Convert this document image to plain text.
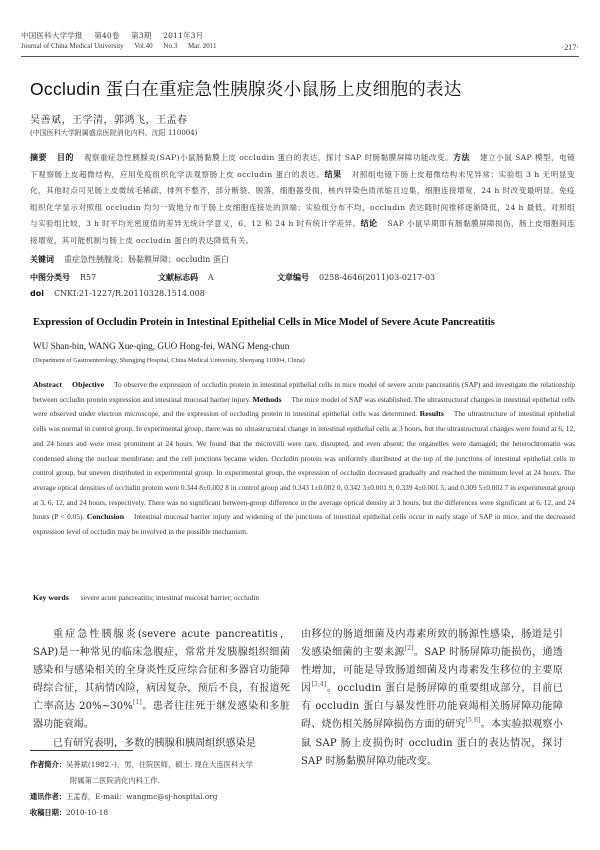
中国医科大学学报 第40卷 第3期 2011年3月
Journal of China Medical University Vol.40 No.3 Mar. 2011	·217·
Occludin 蛋白在重症急性胰腺炎小鼠肠上皮细胞的表达
吴善斌，王学清，郭鸿飞，王孟春
(中国医科大学附属盛京医院消化内科，沈阳 110004)
摘要 目的 观察重症急性胰腺炎(SAP)小鼠肠黏膜上皮 occludin 蛋白的表达，探讨 SAP 时肠黏膜屏障功能改变。方法 建立小鼠 SAP 模型，电镜下观察肠上皮超微结构，应用免疫组织化学法观察肠上皮 occludin 蛋白的表达。结果 对照组电镜下肠上皮超微结构未见异常；实验组 3 h 无明显变化，其他时点可见肠上皮微绒毛稀疏、排列不整齐，部分断裂、脱落，细胞器受损，核内异染色质浓缩且边集，细胞连接增宽，24 h 时改变最明显。免疫组织化学显示对照组 occludin 均匀一致地分布于肠上皮细胞连接处的顶端；实验组分布不均，occludin 表达随时间推移逐渐降低，24 h 最低。对照组与实验组比较，3 h 时平均光密度值的差异无统计学意义，6、12 和 24 h 时有统计学差异。结论 SAP 小鼠早期即有肠黏膜屏障损伤，肠上皮细胞间连接增宽，其可能机制与肠上皮 occludin 蛋白的表达降低有关。
关键词 重症急性胰腺炎；肠黏膜屏障；occludin 蛋白
中图分类号 R57	文献标志码 A	文章编号 0258-4646(2011)03-0217-03
doi CNKI:21-1227/R.20110328.1514.008
Expression of Occludin Protein in Intestinal Epithelial Cells in Mice Model of Severe Acute Pancreatitis
WU Shan-bin, WANG Xue-qing, GUO Hong-fei, WANG Meng-chun
(Department of Gastroenterology, Shengjing Hospital, China Medical University, Shenyang 110004, China)
Abstract Objective To observe the expression of occludin protein in intestinal epithelial cells in mice model of severe acute pancreatitis (SAP) and investigate the relationship between occludin protein expression and intestinal mucosal barrier injury. Methods The mice model of SAP was established. The ultrastructural changes in intestinal epithelial cells were observed under electron microscope, and the expression of occluding protein in intestinal epithelial cells was determined. Results The ultrastructure of intestinal epithelial cells was normal in control group. In experimental group, there was no ultrastructural change in intestinal epithelial cells at 3 hours, but the ultrastructural changes were found at 6, 12, and 24 hours and were most prominent at 24 hours. We found that the microvilli were rare, disrupted, and even absent; the organelles were damaged; the heterochromatin was condensed along the nuclear membrane; and the cell junctions became widen. Occludin protein was uniformly distributed at the top of the junctions of intestinal epithelial cells in control group, but uneven distributed in experimental group. In experimental group, the expression of occludin decreased gradually and reached the minimum level at 24 hours. The average optical densities of occludin protein were 0.344 8±0.002 8 in control group and 0.343 1±0.002 0, 0.342 3±0.001 9, 0.339 4±0.001 5, and 0.309 5±0.002 7 in experimental group at 3, 6, 12, and 24 hours, respectively. There was no significant between-group difference in the average optical density at 3 hours, but the differences were significant at 6, 12, and 24 hours (P < 0.05). Conclusion Intestinal mucosal barrier injury and widening of the junctions of intestinal epithelial cells occur in early stage of SAP in mice, and the decreased expression level of occludin may be involved in the possible mechanism.
Key words severe acute pancreatitis; intestinal mucosal barrier; occludin

重症急性胰腺炎(severe acute pancreatitis，SAP)是一种常见的临床急腹症，常常并发胰腺组织细菌感染和与感染相关的全身炎性反应综合征和多器官功能障碍综合征，其病情凶险，病因复杂，预后不良，有报道死亡率高达 20%~30%[1]。患者往往死于继发感染和多脏器功能衰竭。

已有研究表明，多数的胰腺和胰周组织感染是

由移位的肠道细菌及内毒素所致的肠源性感染，肠道是引发感染细菌的主要来源[2]。SAP 时肠屏障功能损伤，通透性增加，可能是导致肠道细菌及内毒素发生移位的主要原因[3,4]。occludin 蛋白是肠屏障的重要组成部分，目前已有 occludin 蛋白与暴发性肝功能衰竭相关肠屏障功能障碍、烧伤相关肠屏障损伤方面的研究[5,6]。本实验拟观察小鼠 SAP 肠上皮损伤时 occludin 蛋白的表达情况，探讨 SAP 时肠黏膜屏障功能改变。

作者简介：吴善斌(1982 -)，男，住院医师，硕士. 现在大连医科大学
附属第二医院消化内科工作.
通讯作者：王孟春，E-mail：wangmc@sj-hospital.org
收稿日期：2010-10-18
